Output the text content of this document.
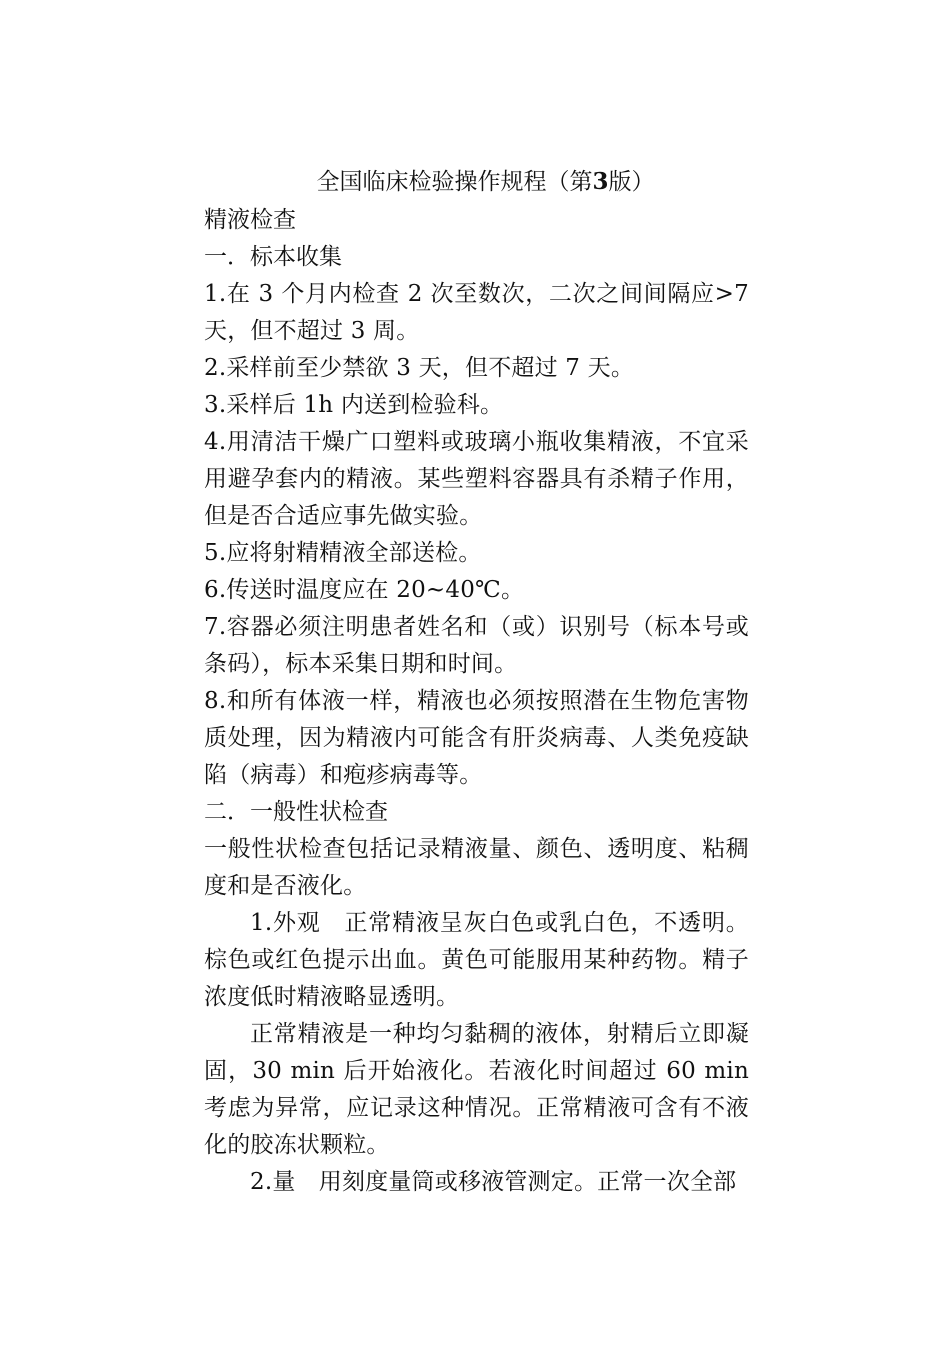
全国临床检验操作规程（第3版）

精液检查

一．标本收集

1.在 3 个月内检查 2 次至数次，二次之间间隔应>7 天，但不超过 3 周。

2.采样前至少禁欲 3 天，但不超过 7 天。

3.采样后 1h 内送到检验科。

4.用清洁干燥广口塑料或玻璃小瓶收集精液，不宜采用避孕套内的精液。某些塑料容器具有杀精子作用，但是否合适应事先做实验。

5.应将射精精液全部送检。

6.传送时温度应在 20~40℃。

7.容器必须注明患者姓名和（或）识别号（标本号或条码），标本采集日期和时间。

8.和所有体液一样，精液也必须按照潜在生物危害物质处理，因为精液内可能含有肝炎病毒、人类免疫缺陷（病毒）和疱疹病毒等。

二．一般性状检查

一般性状检查包括记录精液量、颜色、透明度、粘稠度和是否液化。

1.外观　正常精液呈灰白色或乳白色，不透明。棕色或红色提示出血。黄色可能服用某种药物。精子浓度低时精液略显透明。

正常精液是一种均匀黏稠的液体，射精后立即凝固，30 min 后开始液化。若液化时间超过 60 min 考虑为异常，应记录这种情况。正常精液可含有不液化的胶冻状颗粒。

2.量　用刻度量筒或移液管测定。正常一次全部
